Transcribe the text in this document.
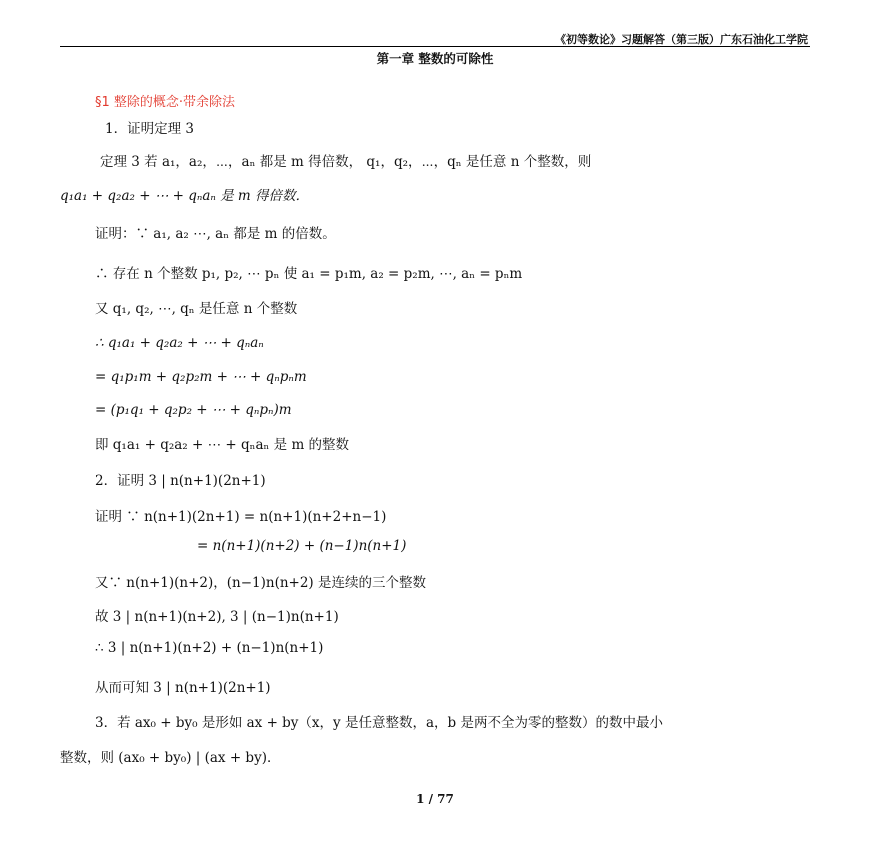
《初等数论》习题解答（第三版）广东石油化工学院
第一章 整数的可除性
§1 整除的概念·带余除法
1．证明定理 3
定理 3 若 a₁，a₂，⋯，aₙ 都是 m 得倍数， q₁，q₂，⋯，qₙ 是任意 n 个整数，则
q₁a₁ + q₂a₂ + ⋯ + qₙaₙ 是 m 得倍数．
证明：∵ a₁, a₂ ⋯, aₙ 都是 m 的倍数。
∴ 存在 n 个整数 p₁, p₂, ⋯ pₙ 使 a₁ = p₁m, a₂ = p₂m, ⋯, aₙ = pₙm
又 q₁, q₂, ⋯, qₙ 是任意 n 个整数
∴ q₁a₁ + q₂a₂ + ⋯ + qₙaₙ
= q₁p₁m + q₂p₂m + ⋯ + qₙpₙm
= (p₁q₁ + q₂p₂ + ⋯ + qₙpₙ)m
即 q₁a₁ + q₂a₂ + ⋯ + qₙaₙ 是 m 的整数
2．证明 3 | n(n+1)(2n+1)
证明 ∵ n(n+1)(2n+1) = n(n+1)(n+2+n−1)
= n(n+1)(n+2) + (n−1)n(n+1)
又∵ n(n+1)(n+2)，(n−1)n(n+2) 是连续的三个整数
故 3 | n(n+1)(n+2), 3 | (n−1)n(n+1)
∴ 3 | n(n+1)(n+2) + (n−1)n(n+1)
从而可知 3 | n(n+1)(2n+1)
3．若 ax₀ + by₀ 是形如 ax + by（x，y 是任意整数，a，b 是两不全为零的整数）的数中最小
整数，则 (ax₀ + by₀) | (ax + by)．
1 / 77
